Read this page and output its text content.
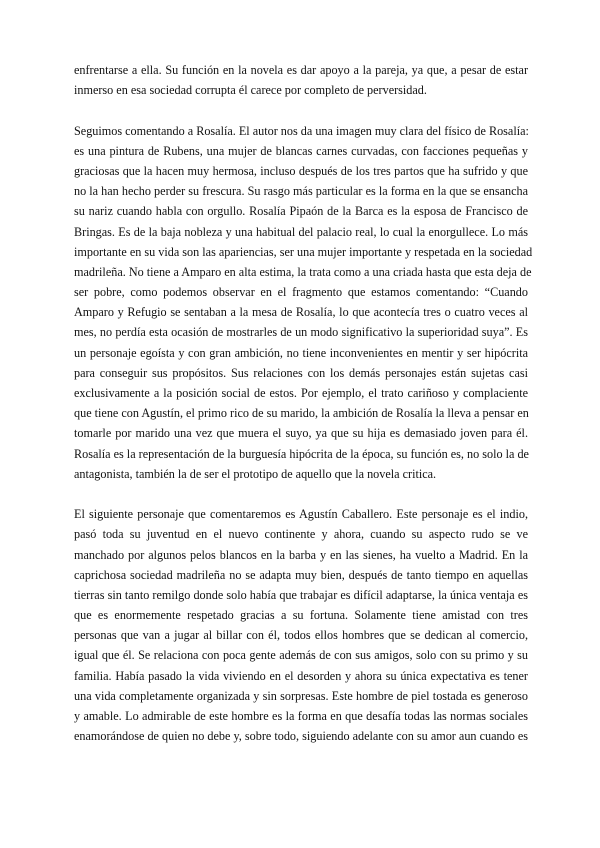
enfrentarse a ella. Su función en la novela es dar apoyo a la pareja, ya que, a pesar de estar
inmerso en esa sociedad corrupta él carece por completo de perversidad.
Seguimos comentando a Rosalía. El autor nos da una imagen muy clara del físico de Rosalía:
es una pintura de Rubens, una mujer de blancas carnes curvadas, con facciones pequeñas y
graciosas que la hacen muy hermosa, incluso después de los tres partos que ha sufrido y que
no la han hecho perder su frescura. Su rasgo más particular es la forma en la que se ensancha
su nariz cuando habla con orgullo. Rosalía Pipaón de la Barca es la esposa de Francisco de
Bringas. Es de la baja nobleza y una habitual del palacio real, lo cual la enorgullece. Lo más
importante en su vida son las apariencias, ser una mujer importante y respetada en la sociedad
madrileña. No tiene a Amparo en alta estima, la trata como a una criada hasta que esta deja de
ser pobre, como podemos observar en el fragmento que estamos comentando: “Cuando
Amparo y Refugio se sentaban a la mesa de Rosalía, lo que acontecía tres o cuatro veces al
mes, no perdía esta ocasión de mostrarles de un modo significativo la superioridad suya”. Es
un personaje egoísta y con gran ambición, no tiene inconvenientes en mentir y ser hipócrita
para conseguir sus propósitos. Sus relaciones con los demás personajes están sujetas casi
exclusivamente a la posición social de estos. Por ejemplo, el trato cariñoso y complaciente
que tiene con Agustín, el primo rico de su marido, la ambición de Rosalía la lleva a pensar en
tomarle por marido una vez que muera el suyo, ya que su hija es demasiado joven para él.
Rosalía es la representación de la burguesía hipócrita de la época, su función es, no solo la de
antagonista, también la de ser el prototipo de aquello que la novela critica.
El siguiente personaje que comentaremos es Agustín Caballero. Este personaje es el indio,
pasó toda su juventud en el nuevo continente y ahora, cuando su aspecto rudo se ve
manchado por algunos pelos blancos en la barba y en las sienes, ha vuelto a Madrid. En la
caprichosa sociedad madrileña no se adapta muy bien, después de tanto tiempo en aquellas
tierras sin tanto remilgo donde solo había que trabajar es difícil adaptarse, la única ventaja es
que es enormemente respetado gracias a su fortuna. Solamente tiene amistad con tres
personas que van a jugar al billar con él, todos ellos hombres que se dedican al comercio,
igual que él. Se relaciona con poca gente además de con sus amigos, solo con su primo y su
familia. Había pasado la vida viviendo en el desorden y ahora su única expectativa es tener
una vida completamente organizada y sin sorpresas. Este hombre de piel tostada es generoso
y amable. Lo admirable de este hombre es la forma en que desafía todas las normas sociales
enamorándose de quien no debe y, sobre todo, siguiendo adelante con su amor aun cuando es
